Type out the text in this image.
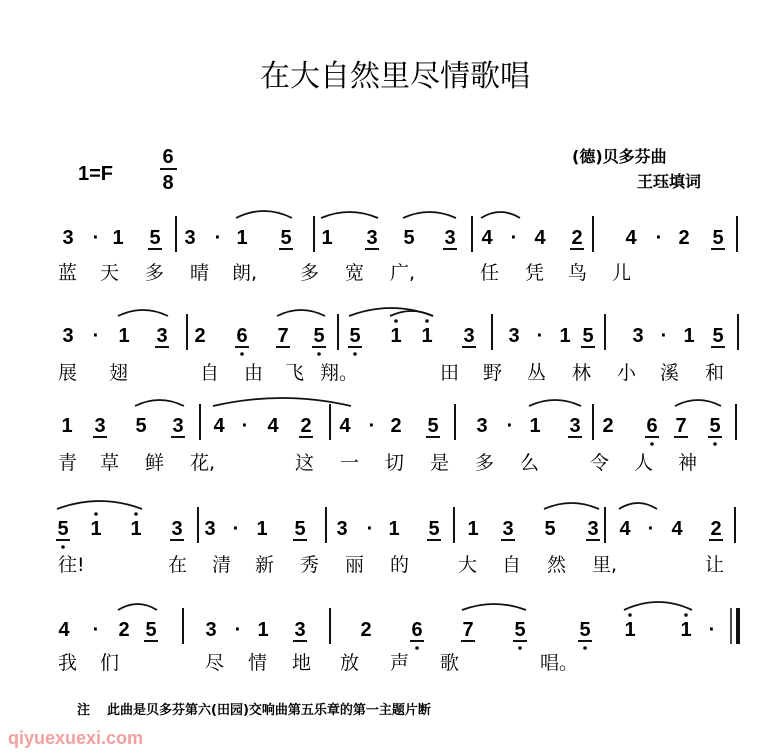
在大自然里尽情歌唱
1=F
6
8
(德)贝多芬曲
王珏填词
3 · 1 5 3 · 1 5 1 3 5 3 4 · 4 2 4 · 2 5
蓝 天 多 晴 朗, 多 宽 广,	任 凭 鸟 儿
3 · 1 3 2 6 7 5 5 1 1 3 3 · 1 5 3 · 1 5
展 翅	自 由 飞 翔。	田 野 丛 林 小 溪 和
1 3 5 3 4 · 4 2 4 · 2 5 3 · 1 3 2 6 7 5
青 草 鲜 花,	这 一 切 是 多 么	令 人 神
5 1 1 3 3 · 1 5 3 · 1 5 1 3 5 3 4 · 4 2
往!	在 清 新 秀 丽 的	大 自 然 里,	让
4 · 2 5 3 · 1 3	2 6 7 5	5 1 1 ·
我 们	尽 情 地 放 声 歌	唱。
注 此曲是贝多芬第六(田园)交响曲第五乐章的第一主题片断
qiyuexuexi.com
